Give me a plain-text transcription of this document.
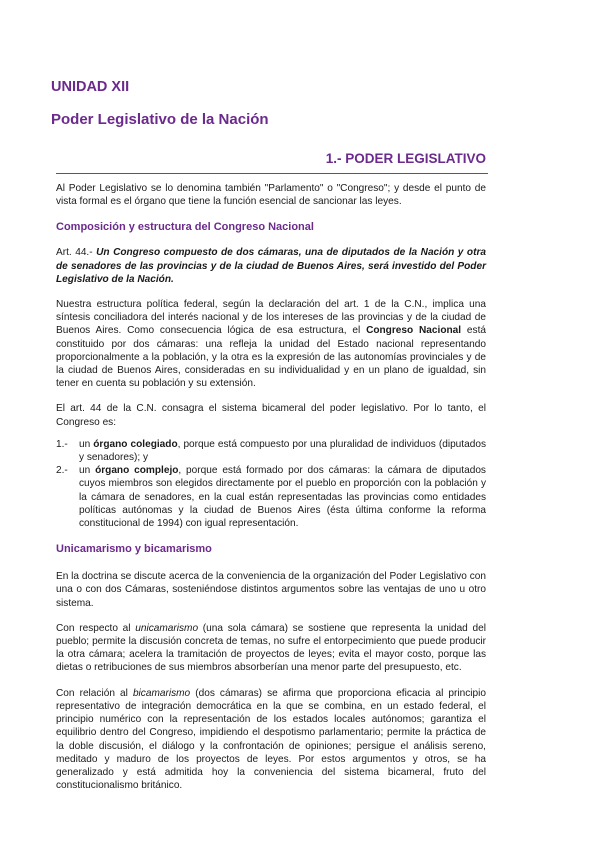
UNIDAD XII
Poder Legislativo de la Nación
1.- PODER LEGISLATIVO

Al Poder Legislativo se lo denomina también "Parlamento" o "Congreso"; y desde el punto de vista formal es el órgano que tiene la función esencial de sancionar las leyes.

Composición y estructura del Congreso Nacional

Art. 44.- Un Congreso compuesto de dos cámaras, una de diputados de la Nación y otra de senadores de las provincias y de la ciudad de Buenos Aires, será investido del Poder Legislativo de la Nación.

Nuestra estructura política federal, según la declaración del art. 1 de la C.N., implica una síntesis conciliadora del interés nacional y de los intereses de las provincias y de la ciudad de Buenos Aires. Como consecuencia lógica de esa estructura, el Congreso Nacional está constituido por dos cámaras: una refleja la unidad del Estado nacional representando proporcionalmente a la población, y la otra es la expresión de las autonomías provinciales y de la ciudad de Buenos Aires, consideradas en su individualidad y en un plano de igualdad, sin tener en cuenta su población y su extensión.

El art. 44 de la C.N. consagra el sistema bicameral del poder legislativo. Por lo tanto, el Congreso es:

1.- un órgano colegiado, porque está compuesto por una pluralidad de individuos (diputados y senadores); y
2.- un órgano complejo, porque está formado por dos cámaras: la cámara de diputados cuyos miembros son elegidos directamente por el pueblo en proporción con la población y la cámara de senadores, en la cual están representadas las provincias como entidades políticas autónomas y la ciudad de Buenos Aires (ésta última conforme la reforma constitucional de 1994) con igual representación.
Unicamarismo y bicamarismo

En la doctrina se discute acerca de la conveniencia de la organización del Poder Legislativo con una o con dos Cámaras, sosteniéndose distintos argumentos sobre las ventajas de uno u otro sistema.

Con respecto al unicamarismo (una sola cámara) se sostiene que representa la unidad del pueblo; permite la discusión concreta de temas, no sufre el entorpecimiento que puede producir la otra cámara; acelera la tramitación de proyectos de leyes; evita el mayor costo, porque las dietas o retribuciones de sus miembros absorberían una menor parte del presupuesto, etc.

Con relación al bicamarismo (dos cámaras) se afirma que proporciona eficacia al principio representativo de integración democrática en la que se combina, en un estado federal, el principio numérico con la representación de los estados locales autónomos; garantiza el equilibrio dentro del Congreso, impidiendo el despotismo parlamentario; permite la práctica de la doble discusión, el diálogo y la confrontación de opiniones; persigue el análisis sereno, meditado y maduro de los proyectos de leyes. Por estos argumentos y otros, se ha generalizado y está admitida hoy la conveniencia del sistema bicameral, fruto del constitucionalismo británico.
